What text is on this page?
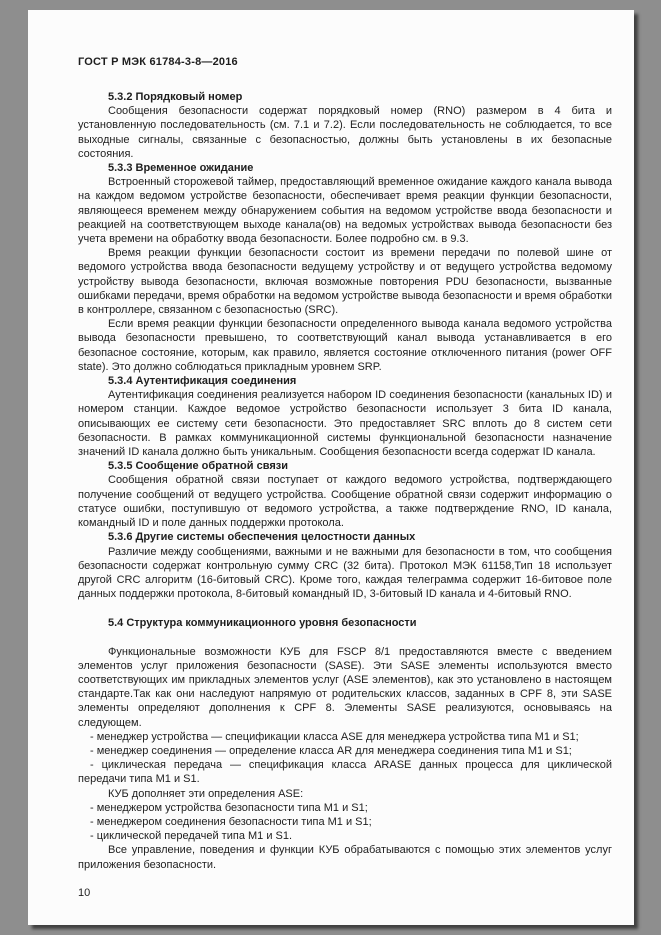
ГОСТ Р МЭК 61784-3-8—2016

5.3.2 Порядковый номер

Сообщения безопасности содержат порядковый номер (RNO) размером в 4 бита и установленную последовательность (см. 7.1 и 7.2). Если последовательность не соблюдается, то все выходные сигналы, связанные с безопасностью, должны быть установлены в их безопасные состояния.

5.3.3 Временное ожидание

Встроенный сторожевой таймер, предоставляющий временное ожидание каждого канала вывода на каждом ведомом устройстве безопасности, обеспечивает время реакции функции безопасности, являющееся временем между обнаружением события на ведомом устройстве ввода безопасности и реакцией на соответствующем выходе канала(ов) на ведомых устройствах вывода безопасности без учета времени на обработку ввода безопасности. Более подробно см. в 9.3.

Время реакции функции безопасности состоит из времени передачи по полевой шине от ведомого устройства ввода безопасности ведущему устройству и от ведущего устройства ведомому устройству вывода безопасности, включая возможные повторения PDU безопасности, вызванные ошибками передачи, время обработки на ведомом устройстве вывода безопасности и время обработки в контроллере, связанном с безопасностью (SRC).

Если время реакции функции безопасности определенного вывода канала ведомого устройства вывода безопасности превышено, то соответствующий канал вывода устанавливается в его безопасное состояние, которым, как правило, является состояние отключенного питания (power OFF state). Это должно соблюдаться прикладным уровнем SRP.

5.3.4 Аутентификация соединения

Аутентификация соединения реализуется набором ID соединения безопасности (канальных ID) и номером станции. Каждое ведомое устройство безопасности использует 3 бита ID канала, описывающих ее систему сети безопасности. Это предоставляет SRC вплоть до 8 систем сети безопасности. В рамках коммуникационной системы функциональной безопасности назначение значений ID канала должно быть уникальным. Сообщения безопасности всегда содержат ID канала.

5.3.5 Сообщение обратной связи

Сообщения обратной связи поступает от каждого ведомого устройства, подтверждающего получение сообщений от ведущего устройства. Сообщение обратной связи содержит информацию о статусе ошибки, поступившую от ведомого устройства, а также подтверждение RNO, ID канала, командный ID и поле данных поддержки протокола.

5.3.6 Другие системы обеспечения целостности данных

Различие между сообщениями, важными и не важными для безопасности в том, что сообщения безопасности содержат контрольную сумму CRC (32 бита). Протокол МЭК 61158,Тип 18 использует другой CRC алгоритм (16-битовый CRC). Кроме того, каждая телеграмма содержит 16-битовое поле данных поддержки протокола, 8-битовый командный ID, 3-битовый ID канала и 4-битовый RNO.

5.4 Структура коммуникационного уровня безопасности

Функциональные возможности КУБ для FSCP 8/1 предоставляются вместе с введением элементов услуг приложения безопасности (SASE). Эти SASE элементы используются вместо соответствующих им прикладных элементов услуг (ASE элементов), как это установлено в настоящем стандарте.Так как они наследуют напрямую от родительских классов, заданных в CPF 8, эти SASE элементы определяют дополнения к CPF 8. Элементы SASE реализуются, основываясь на следующем.

- менеджер устройства — спецификации класса ASE для менеджера устройства типа M1 и S1;

- менеджер соединения — определение класса AR для менеджера соединения типа M1 и S1;

- циклическая передача — спецификация класса ARASE данных процесса для циклической передачи типа M1 и S1.

КУБ дополняет эти определения ASE:

- менеджером устройства безопасности типа M1 и S1;

- менеджером соединения безопасности типа M1 и S1;

- циклической передачей типа M1 и S1.

Все управление, поведения и функции КУБ обрабатываются с помощью этих элементов услуг приложения безопасности.

10
